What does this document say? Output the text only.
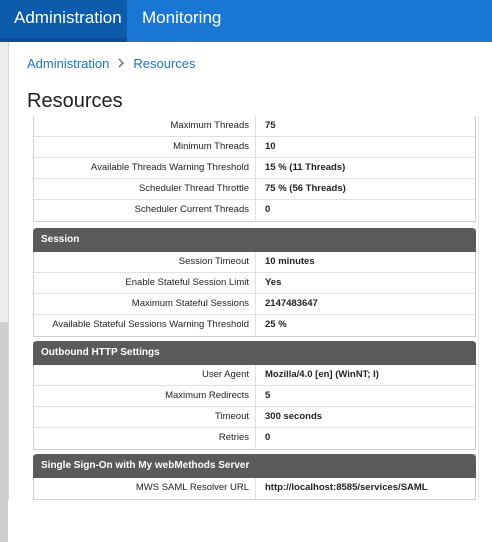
Administration	Monitoring
Administration Resources
Resources
Maximum Threads	75
Minimum Threads	10
Available Threads Warning Threshold	15 % (11 Threads)
Scheduler Thread Throttle	75 % (56 Threads)
Scheduler Current Threads	0
Session
Session Timeout	10 minutes
Enable Stateful Session Limit	Yes
Maximum Stateful Sessions	2147483647
Available Stateful Sessions Warning Threshold	25 %
Outbound HTTP Settings
User Agent	Mozilla/4.0 [en] (WinNT; I)
Maximum Redirects	5
Timeout	300 seconds
Retries	0
Single Sign-On with My webMethods Server
MWS SAML Resolver URL	http://localhost:8585/services/SAML
